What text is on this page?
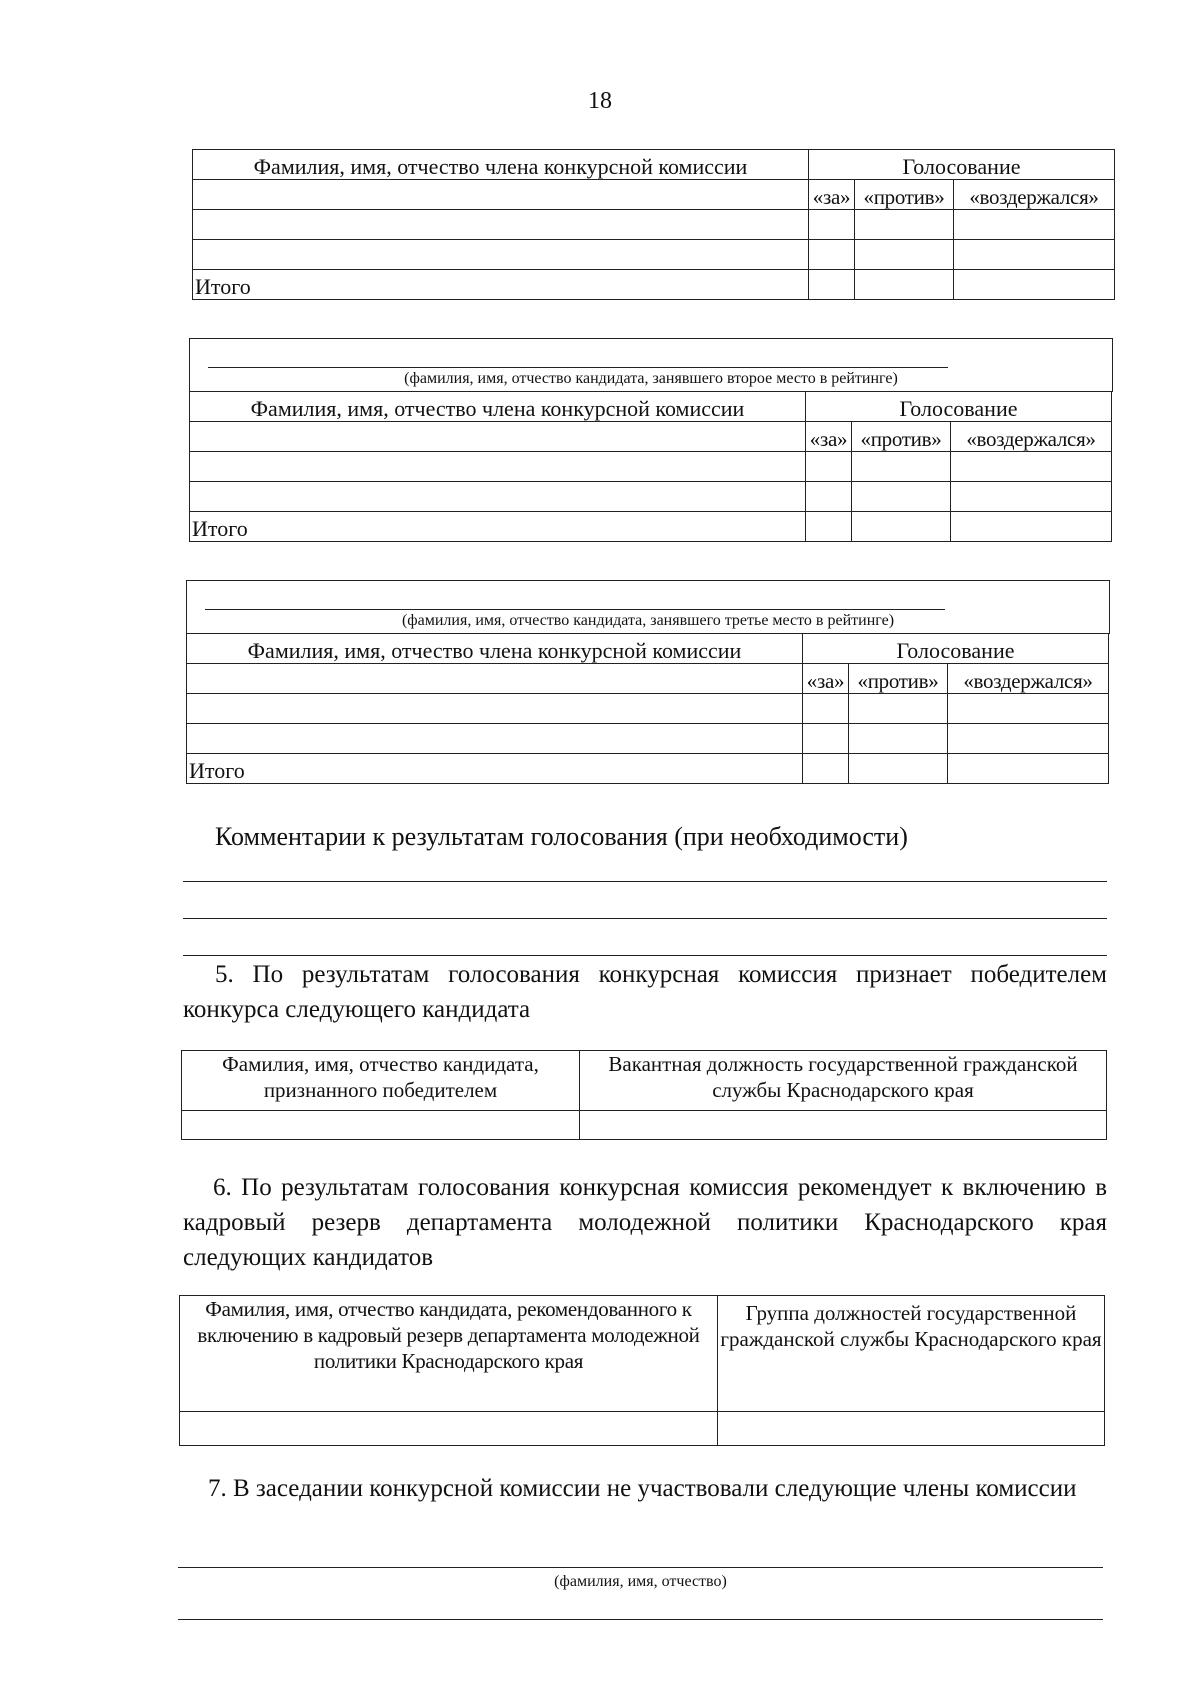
18
Фамилия, имя, отчество члена конкурсной комиссии	Голосование		
	«за»	«против»	«воздержался»

Итого			
(фамилия, имя, отчество кандидата, занявшего второе место в рейтинге)
Фамилия, имя, отчество члена конкурсной комиссии	Голосование		
	«за»	«против»	«воздержался»

Итого			
(фамилия, имя, отчество кандидата, занявшего третье место в рейтинге)
Фамилия, имя, отчество члена конкурсной комиссии	Голосование		
	«за»	«против»	«воздержался»

Итого			
Комментарии к результатам голосования (при необходимости)
5. По результатам голосования конкурсная комиссия признает победителем конкурса следующего кандидата
Фамилия, имя, отчество кандидата, признанного победителем	Вакантная должность государственной гражданской службы Краснодарского края

6. По результатам голосования конкурсная комиссия рекомендует к включению в кадровый резерв департамента молодежной политики Краснодарского края следующих кандидатов
Фамилия, имя, отчество кандидата, рекомендованного к включению в кадровый резерв департамента молодежной политики Краснодарского края	Группа должностей государственной гражданской службы Краснодарского края

7. В заседании конкурсной комиссии не участвовали следующие члены комиссии
(фамилия, имя, отчество)
